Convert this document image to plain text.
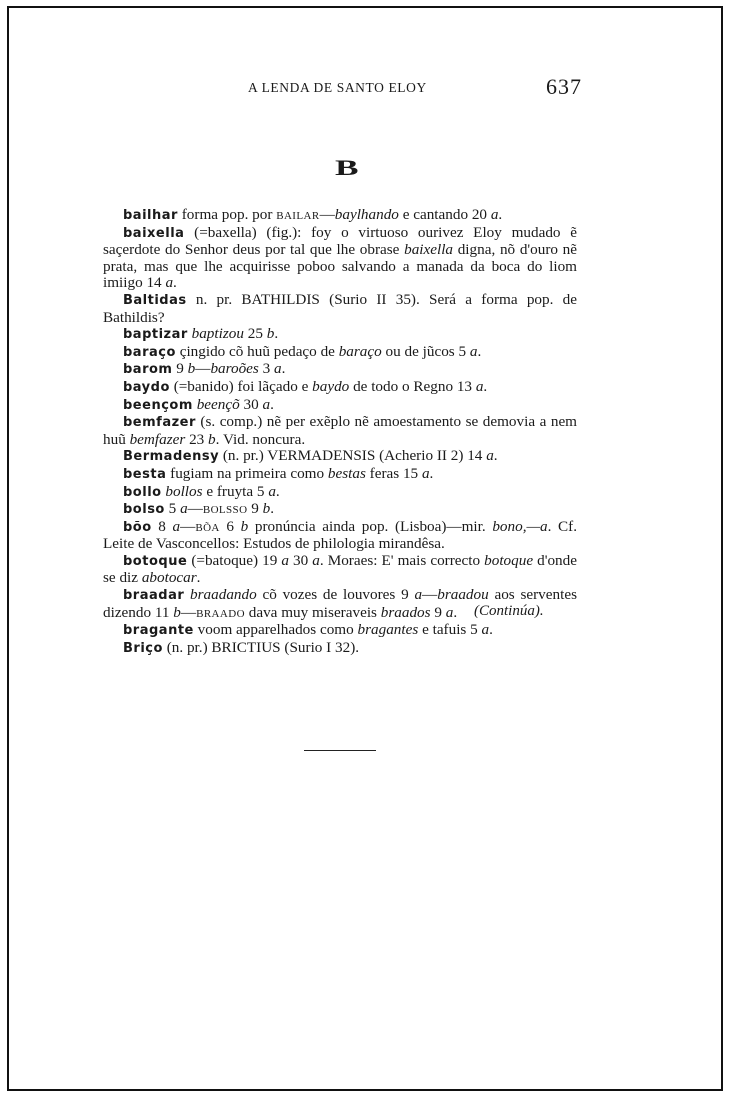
A LENDA DE SANTO ELOY	637
B

bailhar forma pop. por BAILAR—baylhando e cantando 20 a.

baixella (=baxella) (fig.): foy o virtuoso ourivez Eloy mudado ẽ saçerdote do Senhor deus por tal que lhe obrase baixella digna, nõ d'ouro nẽ prata, mas que lhe acquirisse poboo salvando a manada da boca do liom imiigo 14 a.

Baltidas n. pr. BATHILDIS (Surio II 35). Será a forma pop. de Bathildis?

baptizar baptizou 25 b.

baraço çingido cõ huũ pedaço de baraço ou de jũcos 5 a.

barom 9 b—baroões 3 a.

baydo (=banido) foi lãçado e baydo de todo o Regno 13 a.

beençom beençõ 30 a.

bemfazer (s. comp.) nẽ per exẽplo nẽ amoestamento se demovia a nem huũ bemfazer 23 b. Vid. noncura.

Bermadensy (n. pr.) VERMADENSIS (Acherio II 2) 14 a.

besta fugiam na primeira como bestas feras 15 a.

bollo bollos e fruyta 5 a.

bolso 5 a—BOLSSO 9 b.

bõo 8 a—BÕA 6 b pronúncia ainda pop. (Lisboa)—mir. bono,—a. Cf. Leite de Vasconcellos: Estudos de philologia mirandêsa.

botoque (=batoque) 19 a 30 a. Moraes: E' mais correcto botoque d'onde se diz abotocar.

braadar braadando cõ vozes de louvores 9 a—braadou aos serventes dizendo 11 b—BRAADO dava muy miseraveis braados 9 a.

bragante voom apparelhados como bragantes e tafuis 5 a.

Briço (n. pr.) BRICTIUS (Surio I 32).

(Continúa).
